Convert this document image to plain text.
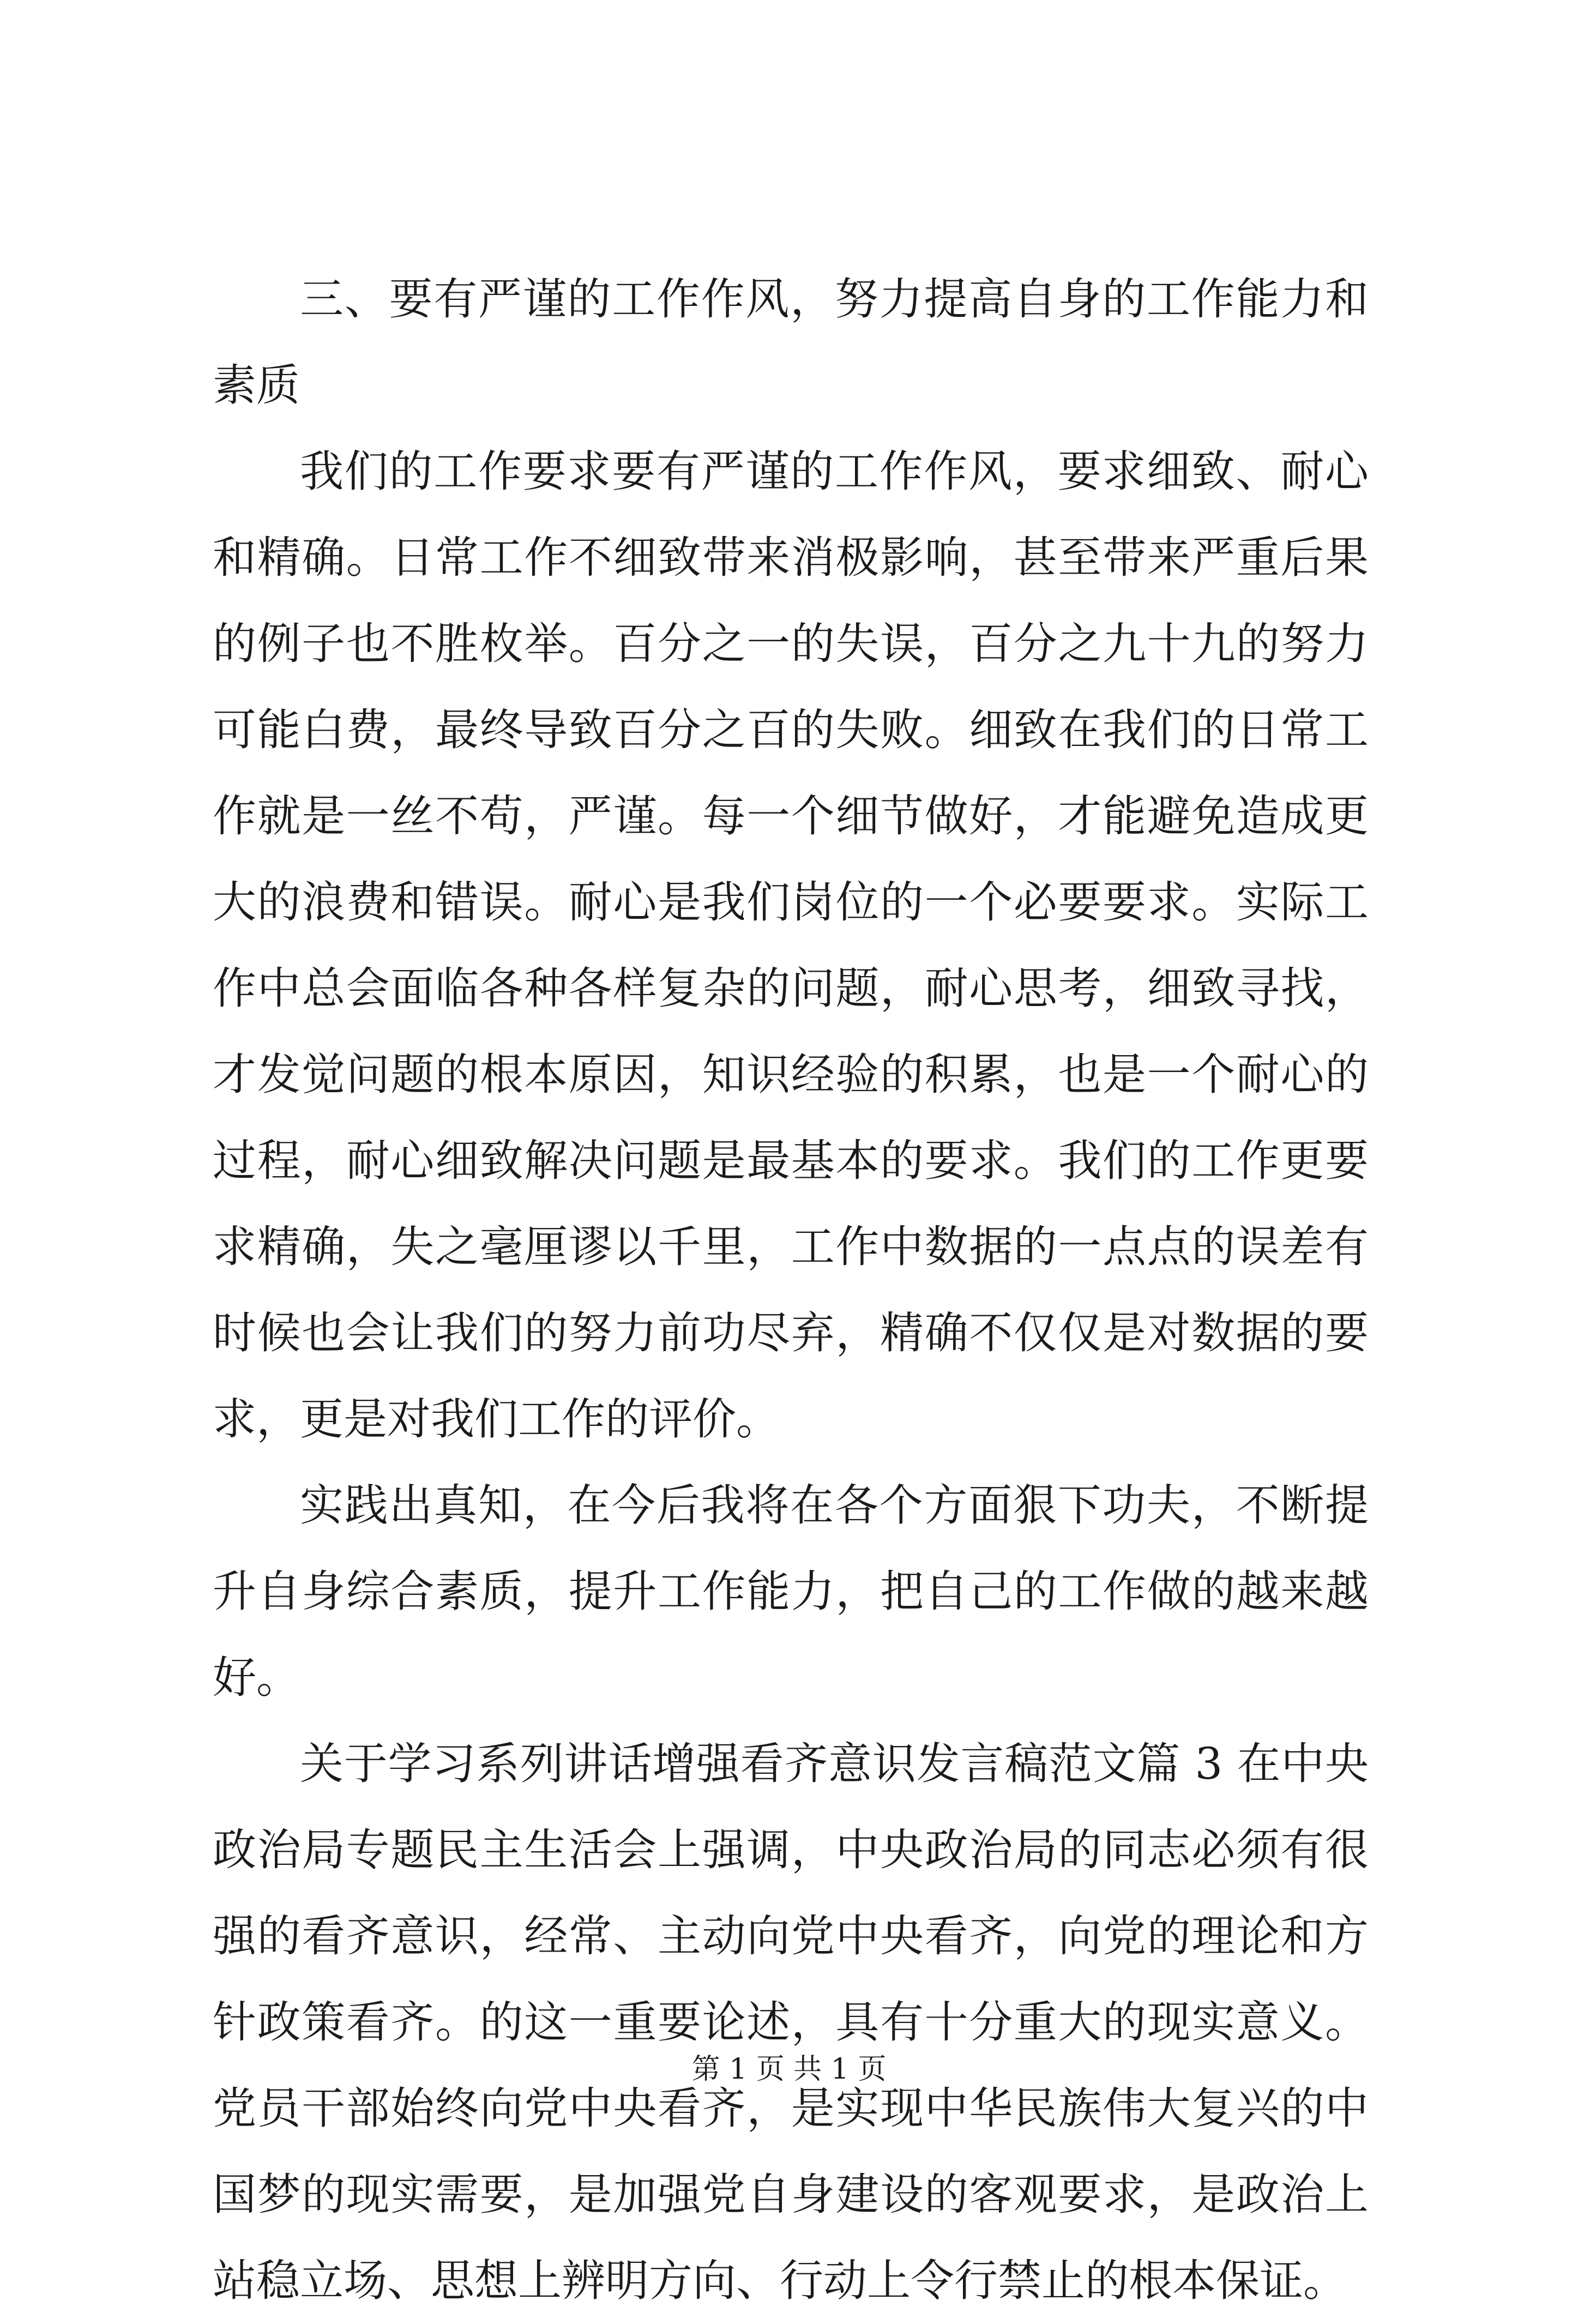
三、要有严谨的工作作风，努力提高自身的工作能力和素质

我们的工作要求要有严谨的工作作风，要求细致、耐心和精确。日常工作不细致带来消极影响，甚至带来严重后果的例子也不胜枚举。百分之一的失误，百分之九十九的努力可能白费，最终导致百分之百的失败。细致在我们的日常工作就是一丝不苟，严谨。每一个细节做好，才能避免造成更大的浪费和错误。耐心是我们岗位的一个必要要求。实际工作中总会面临各种各样复杂的问题，耐心思考，细致寻找，才发觉问题的根本原因，知识经验的积累，也是一个耐心的过程，耐心细致解决问题是最基本的要求。我们的工作更要求精确，失之毫厘谬以千里，工作中数据的一点点的误差有时候也会让我们的努力前功尽弃，精确不仅仅是对数据的要求，更是对我们工作的评价。

实践出真知，在今后我将在各个方面狠下功夫，不断提升自身综合素质，提升工作能力，把自己的工作做的越来越好。

关于学习系列讲话增强看齐意识发言稿范文篇 3 在中央政治局专题民主生活会上强调，中央政治局的同志必须有很强的看齐意识，经常、主动向党中央看齐，向党的理论和方针政策看齐。的这一重要论述，具有十分重大的现实意义。党员干部始终向党中央看齐，是实现中华民族伟大复兴的中国梦的现实需要，是加强党自身建设的客观要求，是政治上站稳立场、思想上辨明方向、行动上令行禁止的根本保证。

第 1 页 共 1 页
